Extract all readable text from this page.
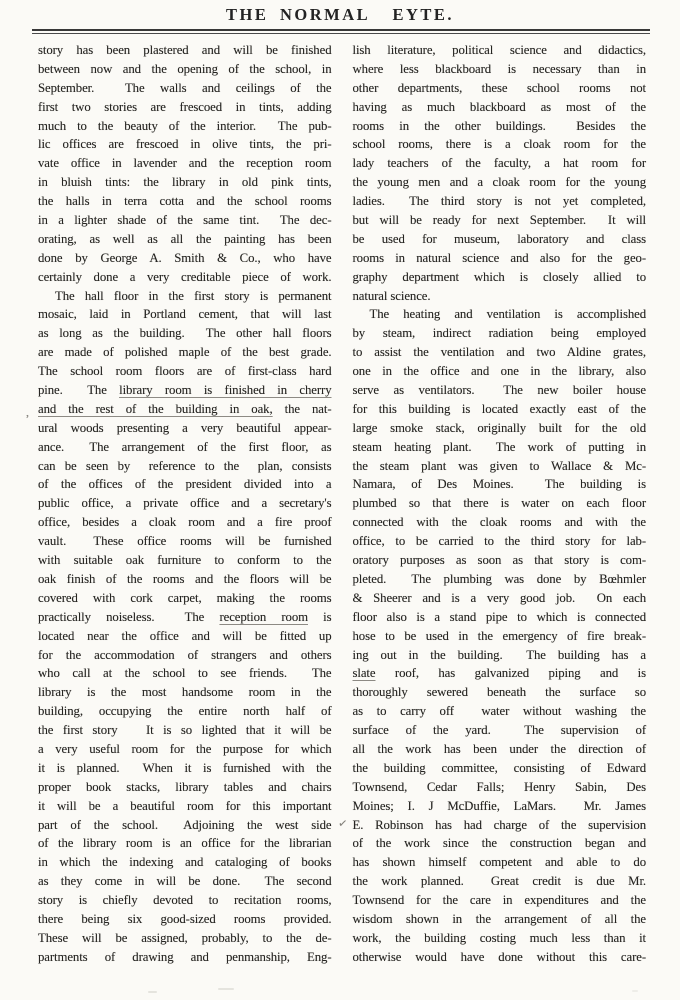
THE NORMAL  EYTE.
story has been plastered and will be finished
between now and the opening of the school, in
September.  The walls and ceilings of the
first two stories are frescoed in tints, adding
much to the beauty of the interior.  The pub-
lic offices are frescoed in olive tints, the pri-
vate office in lavender and the reception room
in bluish tints: the library in old pink tints,
the halls in terra cotta and the school rooms
in a lighter shade of the same tint.  The dec-
orating, as well as all the painting has been
done by George A. Smith & Co., who have
certainly done a very creditable piece of work.
The hall floor in the first story is permanent
mosaic, laid in Portland cement, that will last
as long as the building.  The other hall floors
are made of polished maple of the best grade.
The school room floors are of first-class hard
pine.  The library room is finished in cherry
and the rest of the building in oak, the nat-
,
ural woods presenting a very beautiful appear-
ance.  The arrangement of the first floor, as
can be seen by  reference to the  plan, consists
of the offices of the president divided into a
public office, a private office and a secretary's
office, besides a cloak room and a fire proof
vault.  These office rooms will be furnished
with suitable oak furniture to conform to the
oak finish of the rooms and the floors will be
covered with cork carpet, making the rooms
practically noiseless.  The reception room is
located near the office and will be fitted up
for the accommodation of strangers and others
who call at the school to see friends.  The
library is the most handsome room in the
building, occupying the entire north half of
the first story   It is so lighted that it will be
a very useful room for the purpose for which
it is planned.  When it is furnished with the
proper book stacks, library tables and chairs
it will be a beautiful room for this important
part of the school.  Adjoining the west side ✓
of the library room is an office for the librarian
in which the indexing and cataloging of books
as they come in will be done.  The second
story is chiefly devoted to recitation rooms,
there being six good-sized rooms provided.
These will be assigned, probably, to the de-
partments of drawing and penmanship, Eng-
lish literature, political science and didactics,
where less blackboard is necessary than in
other departments, these school rooms not
having as much blackboard as most of the
rooms in the other buildings.  Besides the
school rooms, there is a cloak room for the
lady teachers of the faculty, a hat room for
the young men and a cloak room for the young
ladies.  The third story is not yet completed,
but will be ready for next September.  It will
be used for museum, laboratory and class
rooms in natural science and also for the geo-
graphy department which is closely allied to
natural science.
The heating and ventilation is accomplished
by steam, indirect radiation being employed
to assist the ventilation and two Aldine grates,
one in the office and one in the library, also
serve as ventilators.  The new boiler house
for this building is located exactly east of the
large smoke stack, originally built for the old
steam heating plant.  The work of putting in
the steam plant was given to Wallace & Mc-
Namara, of Des Moines.  The building is
plumbed so that there is water on each floor
connected with the cloak rooms and with the
office, to be carried to the third story for lab-
oratory purposes as soon as that story is com-
pleted.  The plumbing was done by Bœhmler
& Sheerer and is a very good job.  On each
floor also is a stand pipe to which is connected
hose to be used in the emergency of fire break-
ing out in the building.  The building has a
slate roof, has galvanized piping and is
thoroughly sewered beneath the surface so
as to carry off  water without washing the
surface of the yard.  The supervision of
all the work has been under the direction of
the building committee, consisting of Edward
Townsend, Cedar Falls; Henry Sabin, Des
Moines; I. J McDuffie, LaMars.  Mr. James
E. Robinson has had charge of the supervision
of the work since the construction began and
has shown himself competent and able to do
the work planned.  Great credit is due Mr.
Townsend for the care in expenditures and the
wisdom shown in the arrangement of all the
work, the building costing much less than it
otherwise would have done without this care-
